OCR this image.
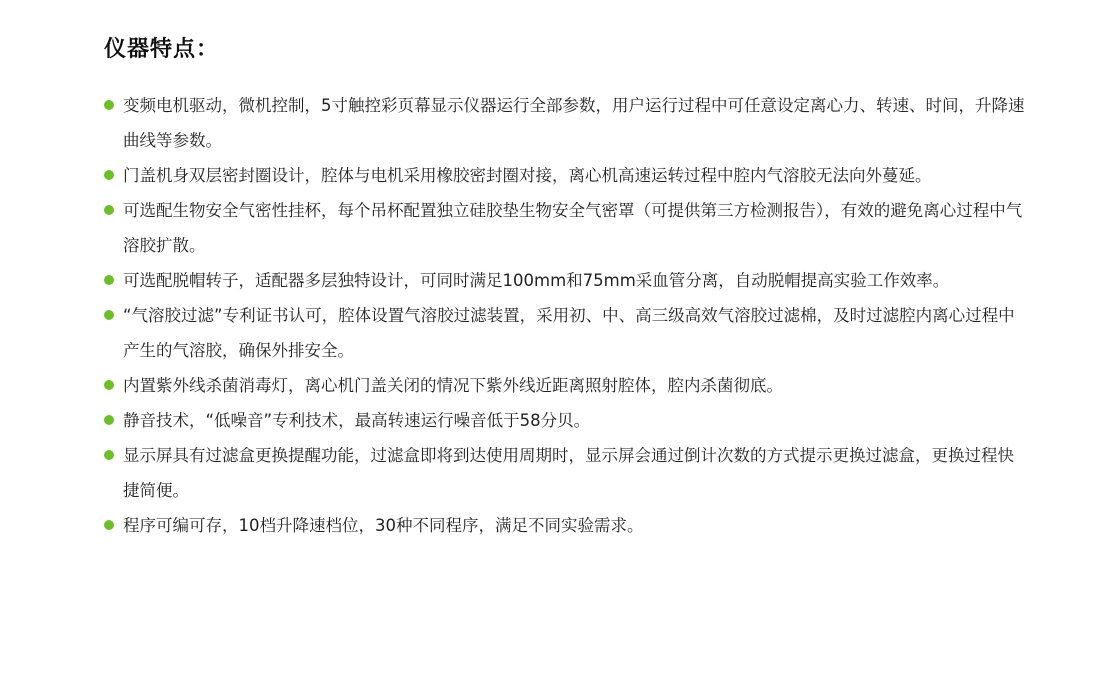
仪器特点：
变频电机驱动，微机控制，5寸触控彩页幕显示仪器运行全部参数，用户运行过程中可任意设定离心力、转速、时间，升降速曲线等参数。
门盖机身双层密封圈设计，腔体与电机采用橡胶密封圈对接，离心机高速运转过程中腔内气溶胶无法向外蔓延。
可选配生物安全气密性挂杯，每个吊杯配置独立硅胶垫生物安全气密罩（可提供第三方检测报告），有效的避免离心过程中气溶胶扩散。
可选配脱帽转子，适配器多层独特设计，可同时满足100mm和75mm采血管分离，自动脱帽提高实验工作效率。
“气溶胶过滤”专利证书认可，腔体设置气溶胶过滤装置，采用初、中、高三级高效气溶胶过滤棉，及时过滤腔内离心过程中产生的气溶胶，确保外排安全。
内置紫外线杀菌消毒灯，离心机门盖关闭的情况下紫外线近距离照射腔体，腔内杀菌彻底。
静音技术，“低噪音”专利技术，最高转速运行噪音低于58分贝。
显示屏具有过滤盒更换提醒功能，过滤盒即将到达使用周期时，显示屏会通过倒计次数的方式提示更换过滤盒，更换过程快捷简便。
程序可编可存，10档升降速档位，30种不同程序，满足不同实验需求。
